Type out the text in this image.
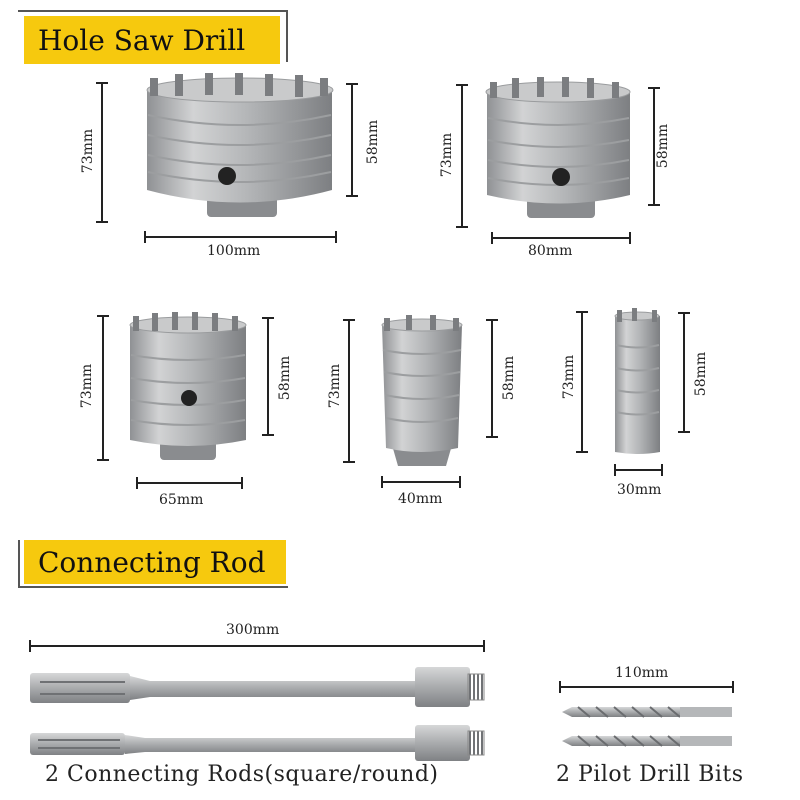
Hole Saw Drill
Connecting Rod
73mm	58mm
100mm
73mm	58mm
80mm
73mm	58mm
65mm
73mm	58mm
40mm
73mm	58mm
30mm
300mm
2 Connecting Rods(square/round)
110mm
2 Pilot Drill Bits
